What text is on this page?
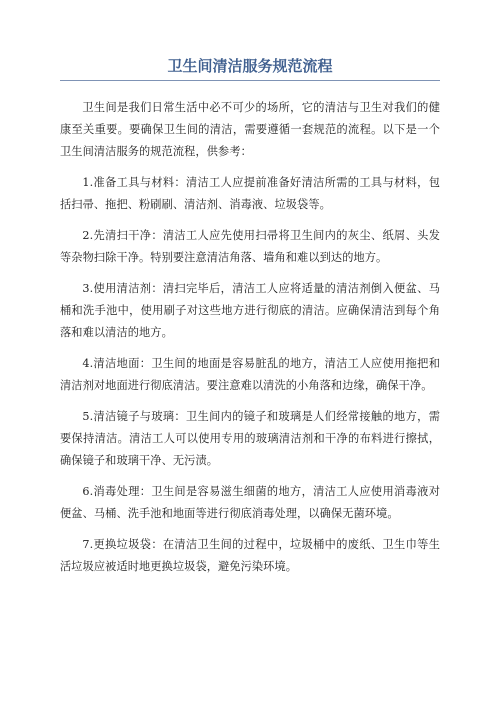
卫生间清洁服务规范流程

卫生间是我们日常生活中必不可少的场所，它的清洁与卫生对我们的健康至关重要。要确保卫生间的清洁，需要遵循一套规范的流程。以下是一个卫生间清洁服务的规范流程，供参考：

1.准备工具与材料：清洁工人应提前准备好清洁所需的工具与材料，包括扫帚、拖把、粉刷刷、清洁剂、消毒液、垃圾袋等。

2.先清扫干净：清洁工人应先使用扫帚将卫生间内的灰尘、纸屑、头发等杂物扫除干净。特别要注意清洁角落、墙角和难以到达的地方。

3.使用清洁剂：清扫完毕后，清洁工人应将适量的清洁剂倒入便盆、马桶和洗手池中，使用刷子对这些地方进行彻底的清洁。应确保清洁到每个角落和难以清洁的地方。

4.清洁地面：卫生间的地面是容易脏乱的地方，清洁工人应使用拖把和清洁剂对地面进行彻底清洁。要注意难以清洗的小角落和边缘，确保干净。

5.清洁镜子与玻璃：卫生间内的镜子和玻璃是人们经常接触的地方，需要保持清洁。清洁工人可以使用专用的玻璃清洁剂和干净的布料进行擦拭，确保镜子和玻璃干净、无污渍。

6.消毒处理：卫生间是容易滋生细菌的地方，清洁工人应使用消毒液对便盆、马桶、洗手池和地面等进行彻底消毒处理，以确保无菌环境。

7.更换垃圾袋：在清洁卫生间的过程中，垃圾桶中的废纸、卫生巾等生活垃圾应被适时地更换垃圾袋，避免污染环境。
